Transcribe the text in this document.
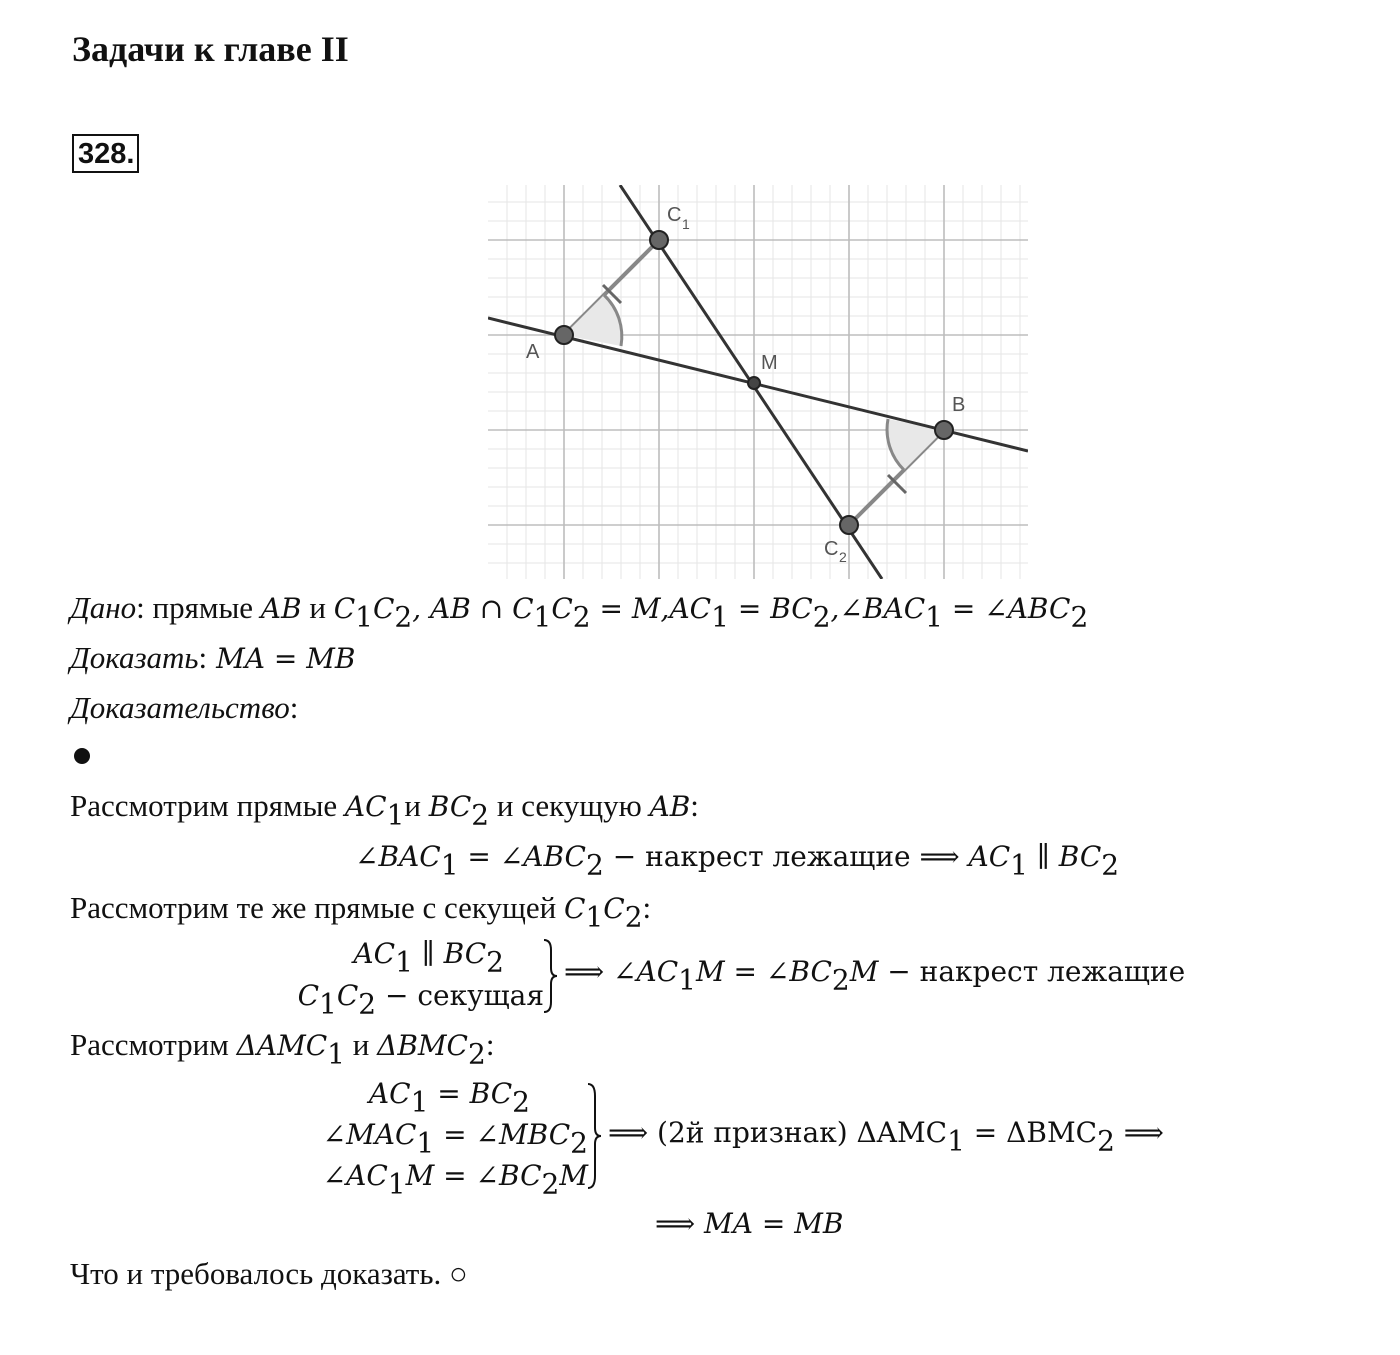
Задачи к главе II
328.
A	M
B
C 1
C 2
Дано: прямые AB и $C_1C_2$, AB ∩ $C_1C_2 = M,AC_1$ = $BC_2,\angle BAC_1$ = $\angle ABC_2$
Доказать: MA = MB
Доказательство:
Рассмотрим прямые $AC_1и$ $BC_2$ и секущую AB:
$\angle BAC_1$ = $\angle ABC_2$ − накрест лежащие ⟹ $AC_1$ ∥ $BC_2$
Рассмотрим те же прямые с секущей $C_1C_2$:
$AC_1$ ∥ $BC_2$
$C_1C_2$ − секущая
⟹ $\angle AC_1M$ = $\angle BC_2M$ − накрест лежащие
Рассмотрим $\Delta AMC_1$ и $\Delta BMC_2$:
$AC_1 = BC_2$
$\angle MAC_1$ = $\angle MBC_2$
$\angle AC_1M$ = $\angle BC_2M$
⟹ (2й признак) $\Delta AMC_1 = \Delta BMC_2$ ⟹
⟹ MA = MB
Что и требовалось доказать. ○
